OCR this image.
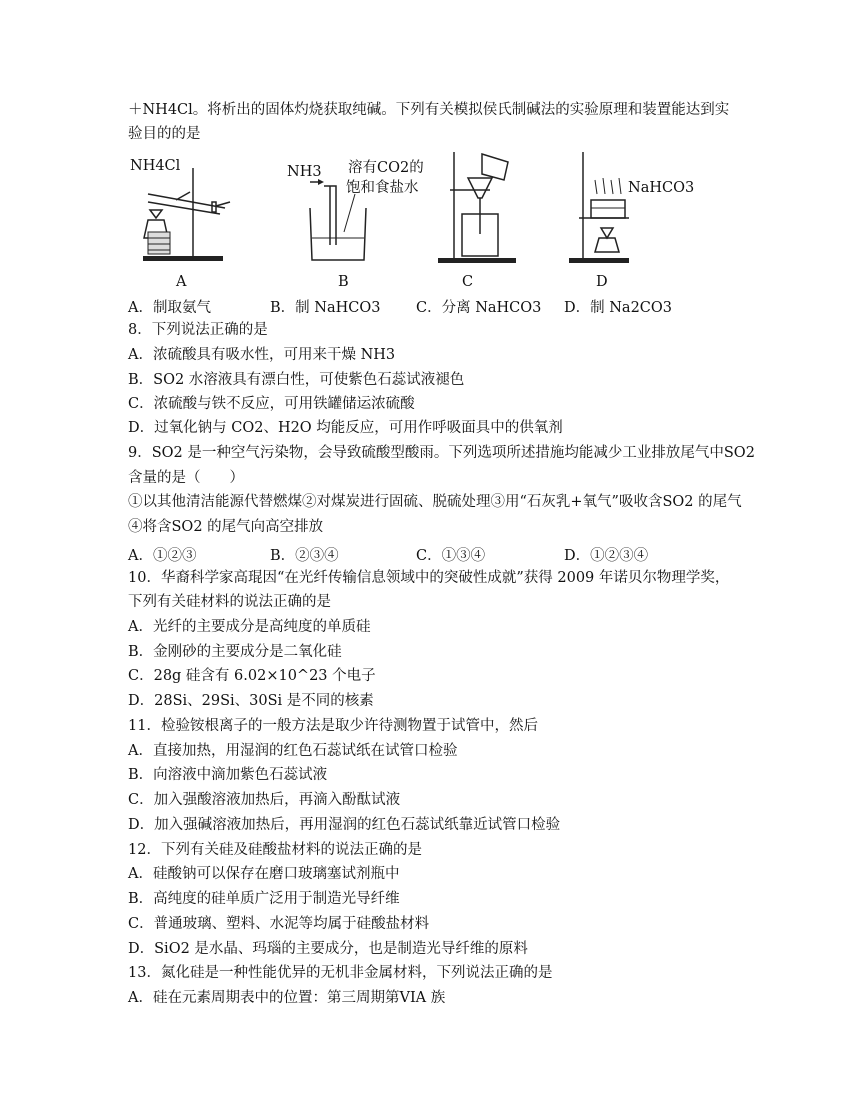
＋NH4Cl。将析出的固体灼烧获取纯碱。下列有关模拟侯氏制碱法的实验原理和装置能达到实
验目的的是
NH4Cl
A
NH3 溶有CO2的
饱和食盐水
B	C
NaHCO3
D
A．制取氨气	B．制 NaHCO3 C．分离 NaHCO3 D．制 Na2CO3
8．下列说法正确的是
A．浓硫酸具有吸水性，可用来干燥 NH3
B．SO2 水溶液具有漂白性，可使紫色石蕊试液褪色
C．浓硫酸与铁不反应，可用铁罐储运浓硫酸
D．过氧化钠与 CO2、H2O 均能反应，可用作呼吸面具中的供氧剂
9．SO2 是一种空气污染物，会导致硫酸型酸雨。下列选项所述措施均能减少工业排放尾气中SO2
含量的是（　　）
①以其他清洁能源代替燃煤②对煤炭进行固硫、脱硫处理③用“石灰乳+氧气”吸收含SO2 的尾气
④将含SO2 的尾气向高空排放
A．①②③	B．②③④	C．①③④	D．①②③④
10．华裔科学家高琨因“在光纤传输信息领域中的突破性成就”获得 2009 年诺贝尔物理学奖，
下列有关硅材料的说法正确的是
A．光纤的主要成分是高纯度的单质硅
B．金刚砂的主要成分是二氧化硅
C．28g 硅含有 6.02×10^23 个电子
D．28Si、29Si、30Si 是不同的核素
11．检验铵根离子的一般方法是取少许待测物置于试管中，然后
A．直接加热，用湿润的红色石蕊试纸在试管口检验
B．向溶液中滴加紫色石蕊试液
C．加入强酸溶液加热后，再滴入酚酞试液
D．加入强碱溶液加热后，再用湿润的红色石蕊试纸靠近试管口检验
12．下列有关硅及硅酸盐材料的说法正确的是
A．硅酸钠可以保存在磨口玻璃塞试剂瓶中
B．高纯度的硅单质广泛用于制造光导纤维
C．普通玻璃、塑料、水泥等均属于硅酸盐材料
D．SiO2 是水晶、玛瑙的主要成分，也是制造光导纤维的原料
13．氮化硅是一种性能优异的无机非金属材料，下列说法正确的是
A．硅在元素周期表中的位置：第三周期第VIA 族
